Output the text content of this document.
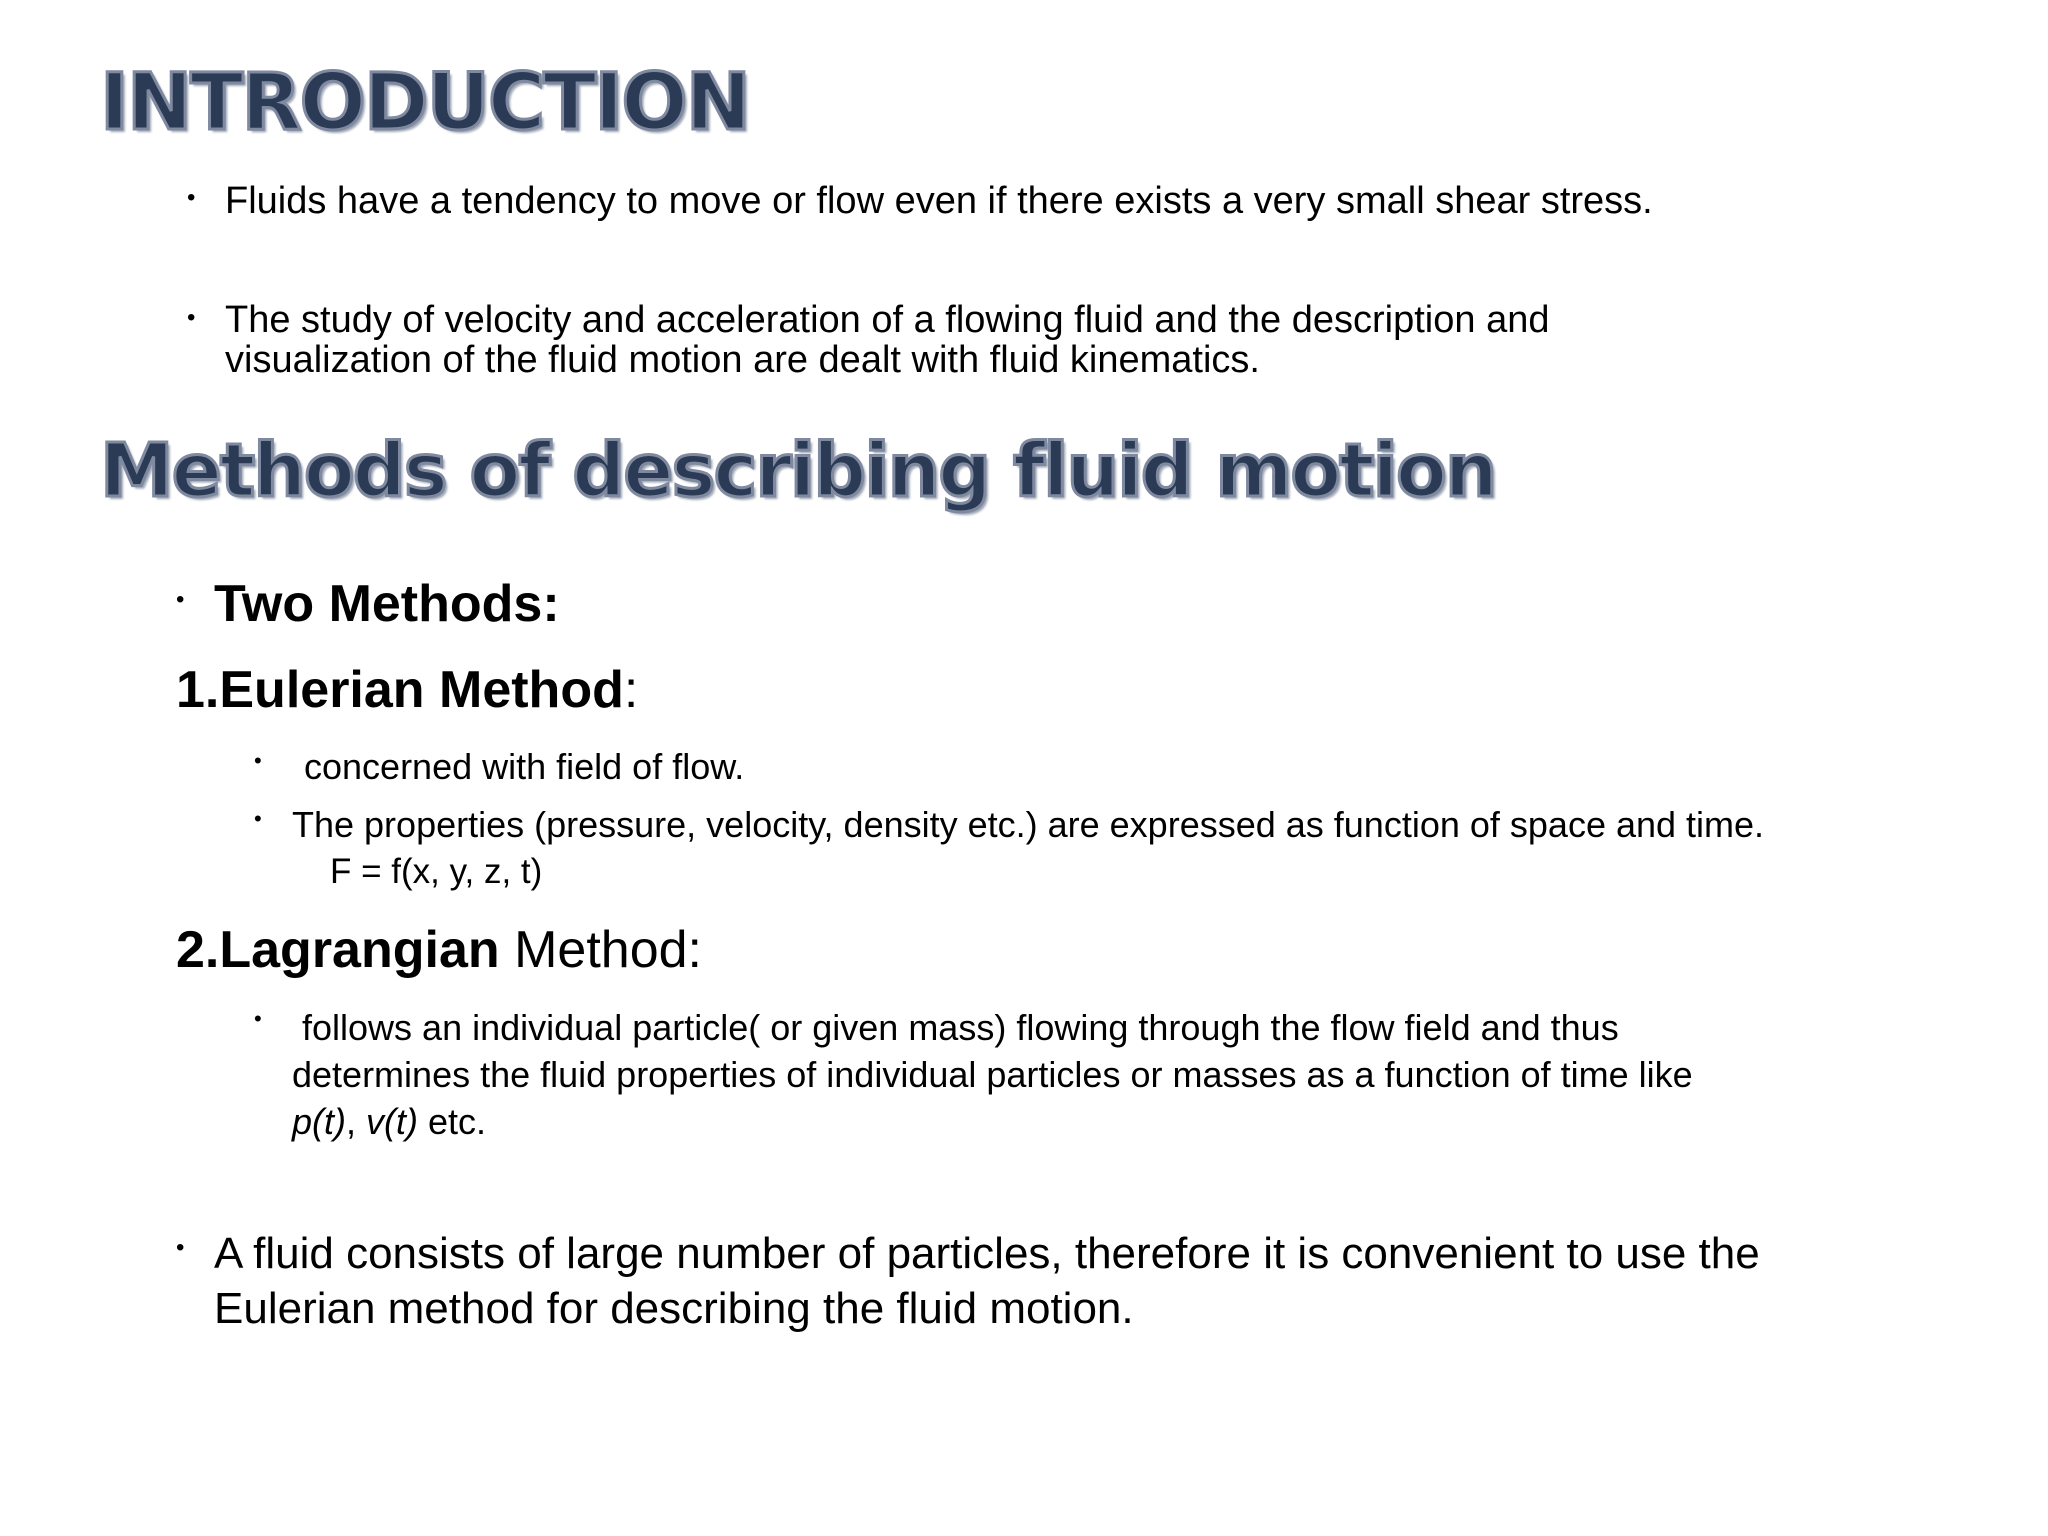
INTRODUCTION
• Fluids have a tendency to move or flow even if there exists a very small shear stress.
• The study of velocity and acceleration of a flowing fluid and the description and
visualization of the fluid motion are dealt with fluid kinematics.
Methods of describing fluid motion
• Two Methods:
1.Eulerian Method:
• concerned with field of flow.
• The properties (pressure, velocity, density etc.) are expressed as function of space and time.
F = f(x, y, z, t)
2.Lagrangian Method:
• follows an individual particle( or given mass) flowing through the flow field and thus
determines the fluid properties of individual particles or masses as a function of time like
p(t), v(t) etc.
• A fluid consists of large number of particles, therefore it is convenient to use the
Eulerian method for describing the fluid motion.
